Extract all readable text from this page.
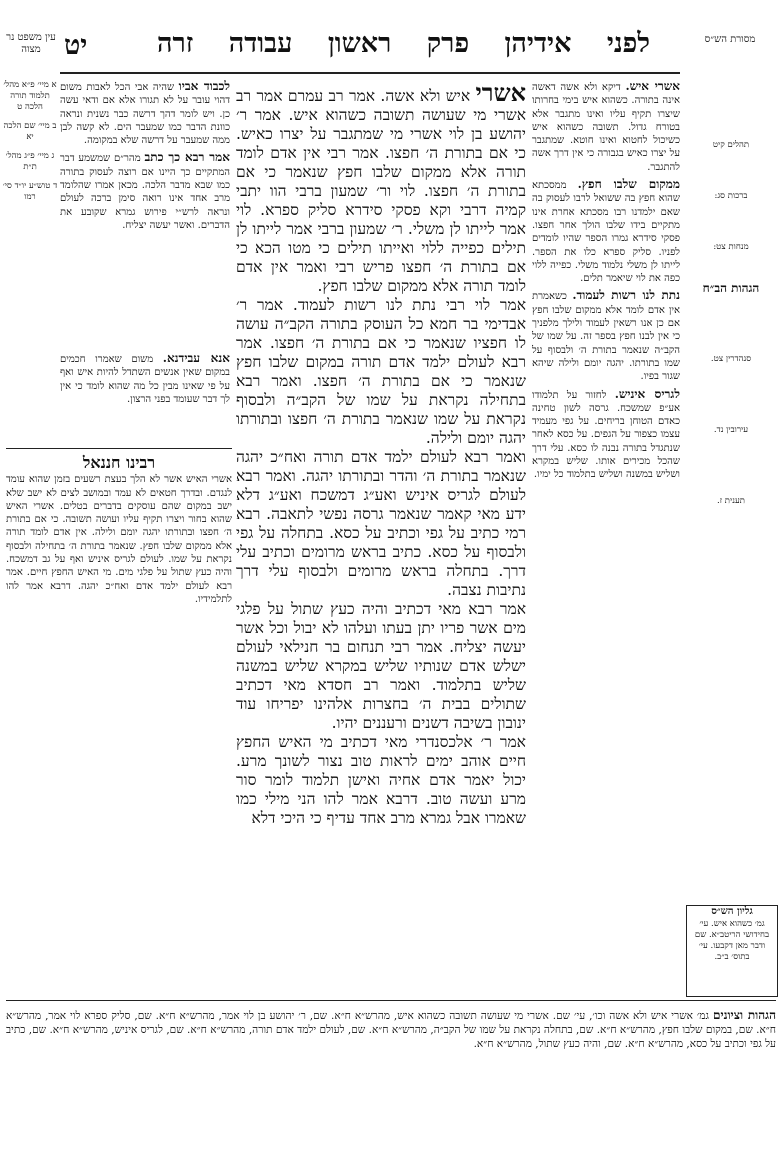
מסורת הש״ס
לפני אידיהן פרק ראשון עבודה זרה
יט
עין משפט נר מצוה

א מיי׳ פ״א מהל׳ תלמוד תורה הלכה ט

ב מיי׳ שם הלכה יא

ג מיי׳ פ״ג מהל׳ ת״ת

ד טוש״ע יו״ד סי׳ רמו

לכבוד אביו שהיה אבי הכל לאבות משום דהוי עובר על לא תגורו אלא אם ודאי עשה כן. ויש לומר דהך דרשה כבר נשנית ונראה כוונת הדבר כמו שמעבר הים. לא קשה לבן ממה שמעבר על דרשה שלא במקומה.

אמר רבא כך כתב מהר״ם שמשמע דבר המתקיים כך היינו אם רוצה לעסוק בתורה כמו שבא מדבר הלכה. מכאן אמרו שהלומד מרב אחד אינו רואה סימן ברכה לעולם ונראה לרש״י פירוש גמרא שקובע את הדברים. ואשר יעשה יצליח.

אנא עבידנא. משום שאמרו חכמים במקום שאין אנשים השתדל להיות איש ואף על פי שאינו מבין כל מה שהוא לומד כי אין לך דבר שעומד בפני הרצון.

רבינו חננאל

אשרי האיש אשר לא הלך בעצת רשעים בזמן שהוא עומד לנגדם. ובדרך חטאים לא עמד ובמושב לצים לא ישב שלא ישב במקום שהם עוסקים בדברים בטלים. אשרי האיש שהוא בחור ויצרו תקיף עליו ועושה תשובה. כי אם בתורת ה׳ חפצו ובתורתו יהגה יומם ולילה. אין אדם לומד תורה אלא ממקום שלבו חפץ. שנאמר בתורת ה׳ בתחילה ולבסוף נקראת על שמו. לעולם לגריס איניש ואף על גב דמשכח. והיה כעץ שתול על פלגי מים. מי האיש החפץ חיים. אמר רבא לעולם ילמד אדם ואח״כ יהגה. דרבא אמר להו לתלמידיו.

אשרי איש ולא אשה. אמר רב עמרם אמר רב אשרי מי שעושה תשובה כשהוא איש. אמר ר׳ יהושע בן לוי אשרי מי שמתגבר על יצרו כאיש. כי אם בתורת ה׳ חפצו. אמר רבי אין אדם לומד תורה אלא ממקום שלבו חפץ שנאמר כי אם בתורת ה׳ חפצו. לוי ור׳ שמעון ברבי הוו יתבי קמיה דרבי וקא פסקי סידרא סליק ספרא. לוי אמר לייתו לן משלי. ר׳ שמעון ברבי אמר לייתו לן תילים כפייה ללוי ואייתו תילים כי מטו הכא כי אם בתורת ה׳ חפצו פריש רבי ואמר אין אדם לומד תורה אלא ממקום שלבו חפץ.

אמר לוי רבי נתת לנו רשות לעמוד. אמר ר׳ אבדימי בר חמא כל העוסק בתורה הקב״ה עושה לו חפציו שנאמר כי אם בתורת ה׳ חפצו. אמר רבא לעולם ילמד אדם תורה במקום שלבו חפץ שנאמר כי אם בתורת ה׳ חפצו. ואמר רבא בתחילה נקראת על שמו של הקב״ה ולבסוף נקראת על שמו שנאמר בתורת ה׳ חפצו ובתורתו יהגה יומם ולילה.

ואמר רבא לעולם ילמד אדם תורה ואח״כ יהגה שנאמר בתורת ה׳ והדר ובתורתו יהגה. ואמר רבא לעולם לגריס איניש ואע״ג דמשכח ואע״ג דלא ידע מאי קאמר שנאמר גרסה נפשי לתאבה. רבא רמי כתיב על גפי וכתיב על כסא. בתחלה על גפי ולבסוף על כסא. כתיב בראש מרומים וכתיב עלי דרך. בתחלה בראש מרומים ולבסוף עלי דרך נתיבות נצבה.

אמר רבא מאי דכתיב והיה כעץ שתול על פלגי מים אשר פריו יתן בעתו ועלהו לא יבול וכל אשר יעשה יצליח. אמר רבי תנחום בר חנילאי לעולם ישלש אדם שנותיו שליש במקרא שליש במשנה שליש בתלמוד. ואמר רב חסדא מאי דכתיב שתולים בבית ה׳ בחצרות אלהינו יפריחו עוד ינובון בשיבה דשנים ורעננים יהיו.

אמר ר׳ אלכסנדרי מאי דכתיב מי האיש החפץ חיים אוהב ימים לראות טוב נצור לשונך מרע. יכול יאמר אדם אחיה ואישן תלמוד לומר סור מרע ועשה טוב. דרבא אמר להו הני מילי כמו שאמרו אבל גמרא מרב אחד עדיף כי היכי דלא

אשרי איש. דיקא ולא אשה דאשה אינה בתורה. כשהוא איש בימי בחרותו שיצרו תקיף עליו ואינו מתגבר אלא בטורח גדול. תשובה כשהוא איש כשיכול לחטוא ואינו חוטא. שמתגבר על יצרו כאיש בגבורה כי אין דרך אשה להתגבר.

ממקום שלבו חפץ. ממסכתא שהוא חפץ בה ששואל לרבו לעסוק בה שאם ילמדנו רבו מסכתא אחרת אינו מתקיים בידו שלבו הולך אחר חפצו. פסקי סידרא גמרו הספר שהיו לומדים לפניו. סליק ספרא כלו את הספר. לייתו לן משלי נלמוד משלי. כפייה ללוי כפה את לוי שיאמר תלים.

נתת לנו רשות לעמוד. כשאמרת אין אדם לומד אלא ממקום שלבו חפץ אם כן אנו רשאין לעמוד ולילך מלפניך כי אין לבנו חפץ בספר זה. על שמו של הקב״ה שנאמר בתורת ה׳ ולבסוף על שמו בתורתו. יהגה יומם ולילה שיהא שגור בפיו.

לגריס איניש. לחזור על תלמודו אע״פ שמשכח. גרסה לשון טחינה כאדם הטוחן בריחים. על גפי מעמיד עצמו כצפור על הגפים. על כסא לאחר שנתגדל בתורה נבנה לו כסא. עלי דרך שהכל מכירים אותו. שליש במקרא ושליש במשנה ושליש בתלמוד כל ימיו.

תהלים קיט

ברכות סג:

מנחות צט:

הגהות הב״ח

סנהדרין צט.

עירובין נד.

תענית ז.

גליון הש״ס

גמ׳ כשהוא איש. עי׳ בחידושי הריטב״א. שם ודבר מאן דקבעו. עי׳ בתוס׳ ב״ב.

הגהות וציונים גמ׳ אשרי איש ולא אשה וכו׳, עי׳ שם. אשרי מי שעושה תשובה כשהוא איש, מהרש״א ח״א. שם, ר׳ יהושע בן לוי אמר, מהרש״א ח״א. שם, סליק ספרא לוי אמר, מהרש״א ח״א. שם, במקום שלבו חפץ, מהרש״א ח״א. שם, בתחלה נקראת על שמו של הקב״ה, מהרש״א ח״א. שם, לעולם ילמד אדם תורה, מהרש״א ח״א. שם, לגריס איניש, מהרש״א ח״א. שם, כתיב על גפי וכתיב על כסא, מהרש״א ח״א. שם, והיה כעץ שתול, מהרש״א ח״א.
